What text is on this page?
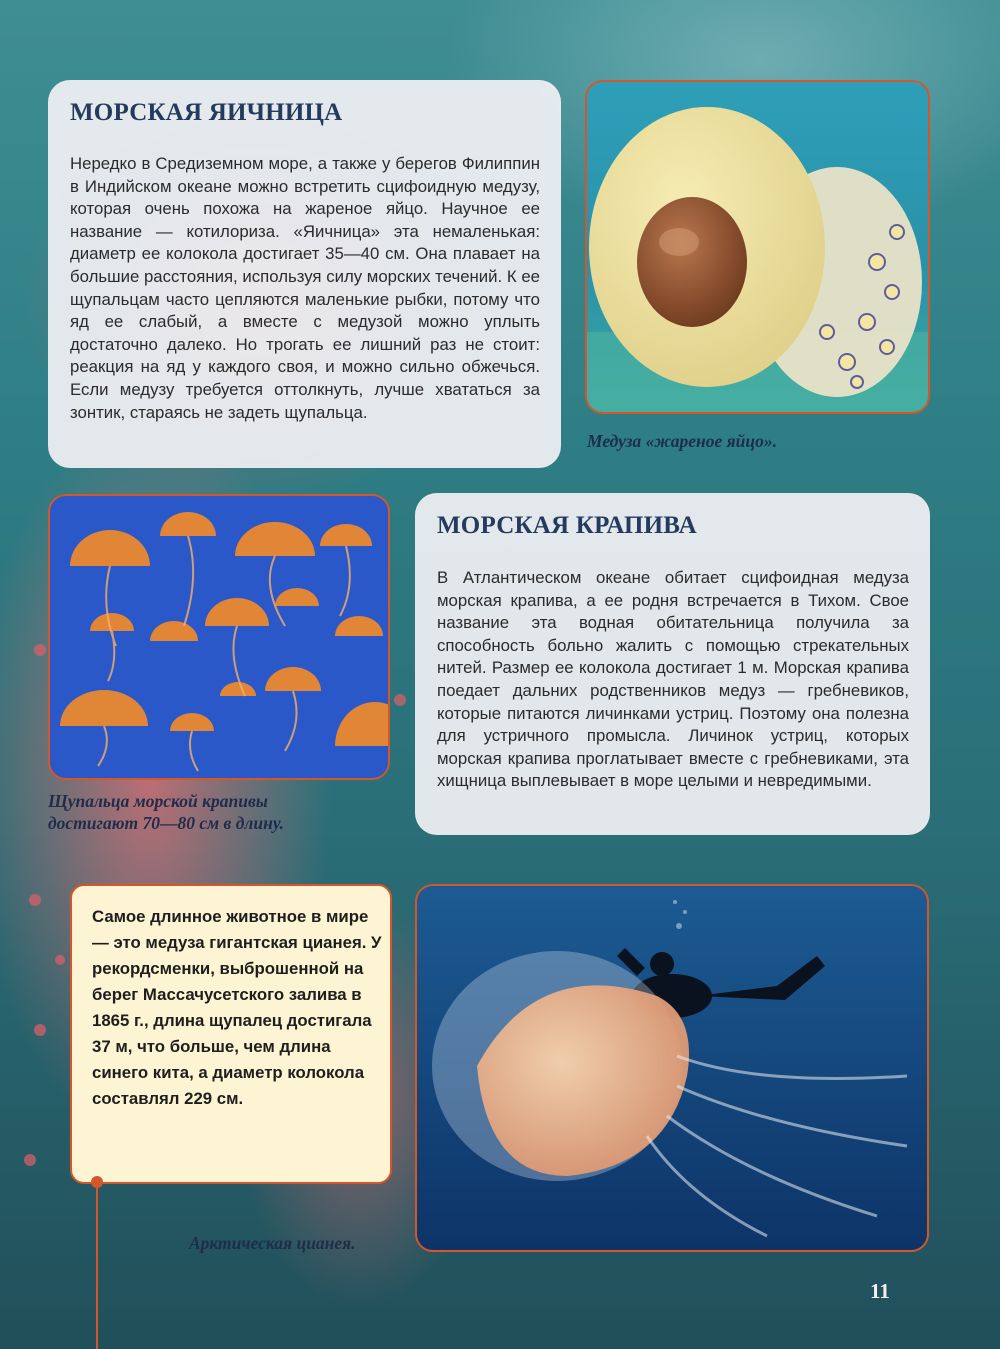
МОРСКАЯ ЯИЧНИЦА

Нередко в Средиземном море, а также у берегов Филиппин в Индийском океане можно встретить сцифоидную медузу, которая очень похожа на жареное яйцо. Научное ее название — котилориза. «Яичница» эта немаленькая: диаметр ее колокола достигает 35—40 см. Она плавает на большие расстояния, используя силу морских течений. К ее щупальцам часто цепляются маленькие рыбки, потому что яд ее слабый, а вместе с медузой можно уплыть достаточно далеко. Но трогать ее лишний раз не стоит: реакция на яд у каждого своя, и можно сильно обжечься. Если медузу требуется оттолкнуть, лучше хвататься за зонтик, стараясь не задеть щупальца.

Медуза «жареное яйцо».

Щупальца морской крапивы достигают 70—80 см в длину.

МОРСКАЯ КРАПИВА

В Атлантическом океане обитает сцифоидная медуза морская крапива, а ее родня встречается в Тихом. Свое название эта водная обитательница получила за способность больно жалить с помощью стрекательных нитей. Размер ее колокола достигает 1 м. Морская крапива поедает дальних родственников медуз — гребневиков, которые питаются личинками устриц. Поэтому она полезна для устричного промысла. Личинок устриц, которых морская крапива проглатывает вместе с гребневиками, эта хищница выплевывает в море целыми и невредимыми.

Самое длинное животное в мире — это медуза гигантская цианея. У рекордсменки, выброшенной на берег Массачусетского залива в 1865 г., длина щупалец достигала 37 м, что больше, чем длина синего кита, а диаметр колокола составлял 229 см.

Арктическая цианея.

11
